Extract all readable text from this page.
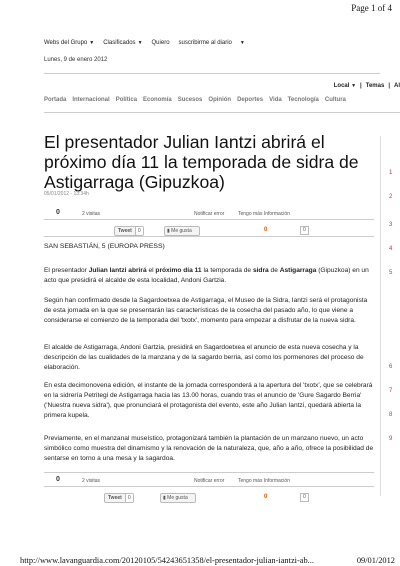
Page 1 of 4
Webs del Grupo ▼ Clasificados ▼ Quiero suscribirme al diario ▼
Lunes, 9 de enero 2012
Local ▼ | Temas | Al
Portada Internacional Política Economía Sucesos Opinión Deportes Vida Tecnología Cultura
El presentador Julian Iantzi abrirá el próximo día 11 la temporada de sidra de Astigarraga (Gipuzkoa)
05/01/2012 - 13:34h
0	2 visitas	Notificar error	Tengo más Información
Tweet 0	▮ Me gusta	0	0
SAN SEBASTIÁN, 5 (EUROPA PRESS)

El presentador Julian Iantzi abrirá el próximo día 11 la temporada de sidra de Astigarraga (Gipuzkoa) en un acto que presidirá el alcalde de esta localidad, Andoni Gartzia.

Según han confirmado desde la Sagardoetxea de Astigarraga, el Museo de la Sidra, Iantzi será el protagonista de esta jornada en la que se presentarán las características de la cosecha del pasado año, lo que viene a considerarse el comienzo de la temporada del 'txotx', momento para empezar a disfrutar de la nueva sidra.

El alcalde de Astigarraga, Andoni Gartzia, presidirá en Sagardoetxea el anuncio de esta nueva cosecha y la descripción de las cualidades de la manzana y de la sagardo berria, así como los pormenores del proceso de elaboración.

En esta decimonovena edición, el instante de la jornada corresponderá a la apertura del 'txotx', que se celebrará en la sidrería Petritegi de Astigarraga hacia las 13.00 horas, cuando tras el anuncio de 'Gure Sagardo Berria' ('Nuestra nueva sidra'), que pronunciará el protagonista del evento, este año Julian Iantzi, quedará abierta la primera kupela.

Previamente, en el manzanal museístico, protagonizará también la plantación de un manzano nuevo, un acto simbólico como muestra del dinamismo y la renovación de la naturaleza, que, año a año, ofrece la posibilidad de sentarse en torno a una mesa y la sagardoa.

0	2 visitas	Notificar error	Tengo más Información
Tweet 0	▮ Me gusta	0	0
1
2
3
4
5
6
7
8
9
http://www.lavanguardia.com/20120105/54243651358/el-presentador-julian-iantzi-ab...	09/01/2012
